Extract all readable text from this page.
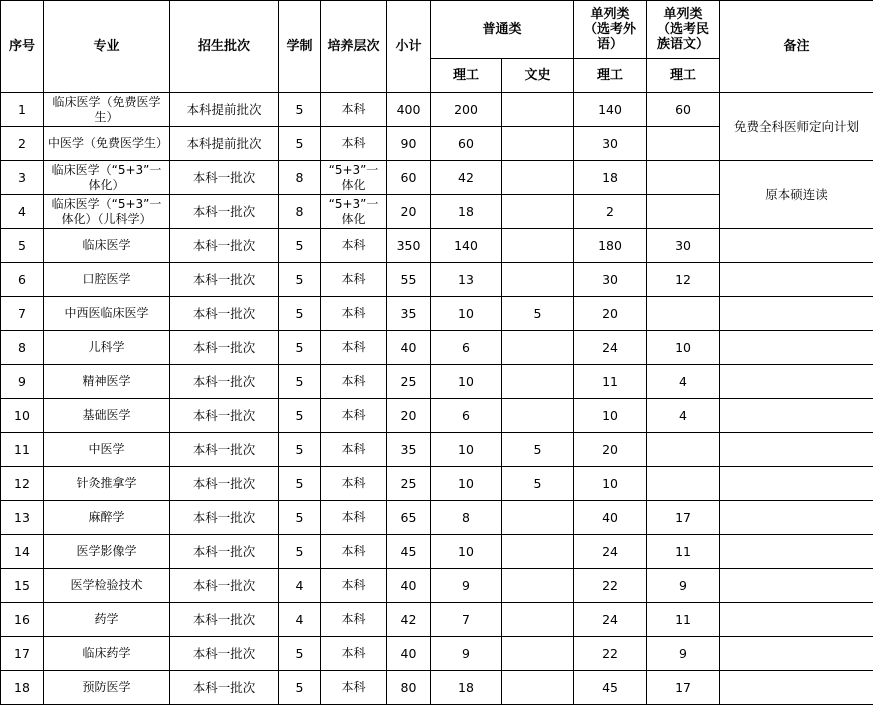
序号	专业	招生批次	学制	培养层次	小计	普通类		单列类（选考外语）	单列类（选考民族语文）	备注
						理工	文史	理工	理工	
1	临床医学（免费医学生）	本科提前批次	5	本科	400	200		140	60	免费全科医师定向计划
2	中医学（免费医学生）	本科提前批次	5	本科	90	60		30		
3	临床医学（“5+3”一体化）	本科一批次	8	“5+3”一体化	60	42		18		原本硕连读
4	临床医学（“5+3”一体化）（儿科学）	本科一批次	8	“5+3”一体化	20	18		2		
5	临床医学	本科一批次	5	本科	350	140		180	30	
6	口腔医学	本科一批次	5	本科	55	13		30	12	
7	中西医临床医学	本科一批次	5	本科	35	10	5	20		
8	儿科学	本科一批次	5	本科	40	6		24	10	
9	精神医学	本科一批次	5	本科	25	10		11	4	
10	基础医学	本科一批次	5	本科	20	6		10	4	
11	中医学	本科一批次	5	本科	35	10	5	20		
12	针灸推拿学	本科一批次	5	本科	25	10	5	10		
13	麻醉学	本科一批次	5	本科	65	8		40	17	
14	医学影像学	本科一批次	5	本科	45	10		24	11	
15	医学检验技术	本科一批次	4	本科	40	9		22	9	
16	药学	本科一批次	4	本科	42	7		24	11	
17	临床药学	本科一批次	5	本科	40	9		22	9	
18	预防医学	本科一批次	5	本科	80	18		45	17	
